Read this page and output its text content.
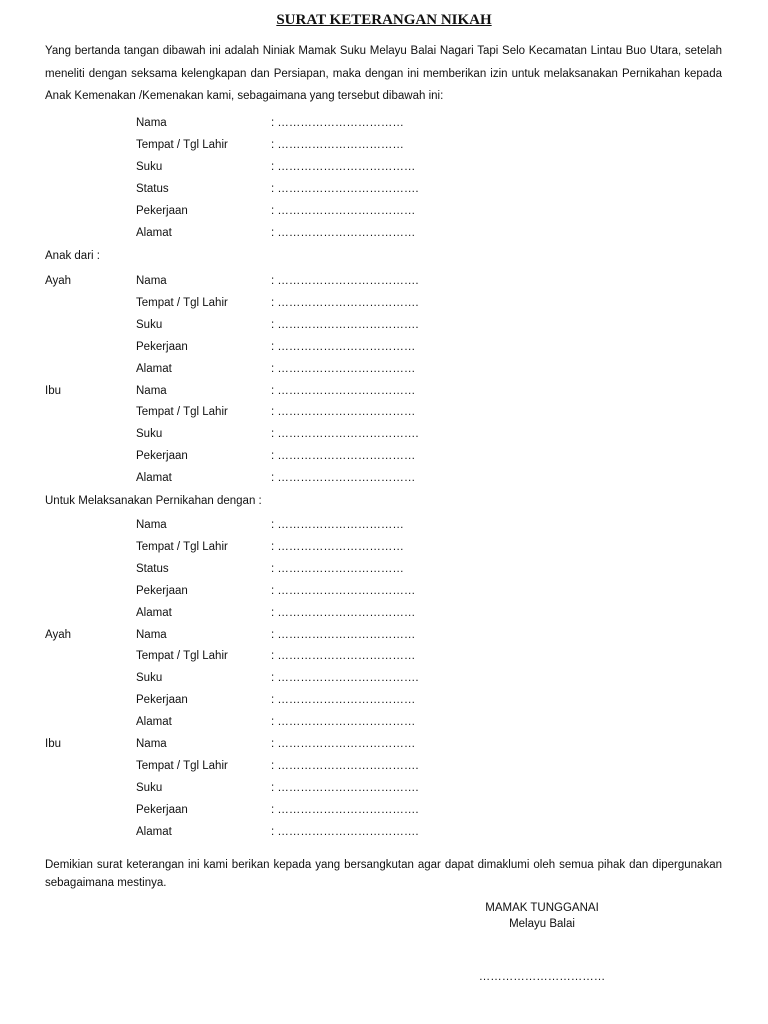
SURAT KETERANGAN NIKAH
Yang bertanda tangan dibawah ini adalah Niniak Mamak Suku Melayu Balai Nagari Tapi Selo Kecamatan Lintau Buo Utara, setelah meneliti dengan seksama kelengkapan dan Persiapan, maka dengan ini memberikan izin untuk melaksanakan Pernikahan kepada Anak Kemenakan /Kemenakan kami, sebagaimana yang tersebut dibawah ini:
Nama	: ……………………………
Tempat / Tgl Lahir	: ……………………………
Suku	: ………………………………
Status	: ……………………………….
Pekerjaan	: ………………………………
Alamat	: ………………………………
Anak dari :
Ayah	Nama	: ……………………………….
Tempat / Tgl Lahir	: ……………………………….
Suku	: ……………………………….
Pekerjaan	: ………………………………
Alamat	: ………………………………
Ibu	Nama	: ………………………………
Tempat / Tgl Lahir	: ………………………………
Suku	: ……………………………….
Pekerjaan	: ………………………………
Alamat	: ………………………………
Untuk Melaksanakan Pernikahan dengan :
Nama	: ……………………………
Tempat / Tgl Lahir	: ……………………………
Status	: ……………………………
Pekerjaan	: ………………………………
Alamat	: ………………………………
Ayah	Nama	: ………………………………
Tempat / Tgl Lahir	: ………………………………
Suku	: ……………………………….
Pekerjaan	: ………………………………
Alamat	: ………………………………
Ibu	Nama	: ………………………………
Tempat / Tgl Lahir	: ……………………………….
Suku	: ……………………………….
Pekerjaan	: ……………………………….
Alamat	: ……………………………….
Demikian surat keterangan ini kami berikan kepada yang bersangkutan agar dapat dimaklumi oleh semua pihak dan dipergunakan sebagaimana mestinya.
MAMAK TUNGGANAI
Melayu Balai
……………………………
